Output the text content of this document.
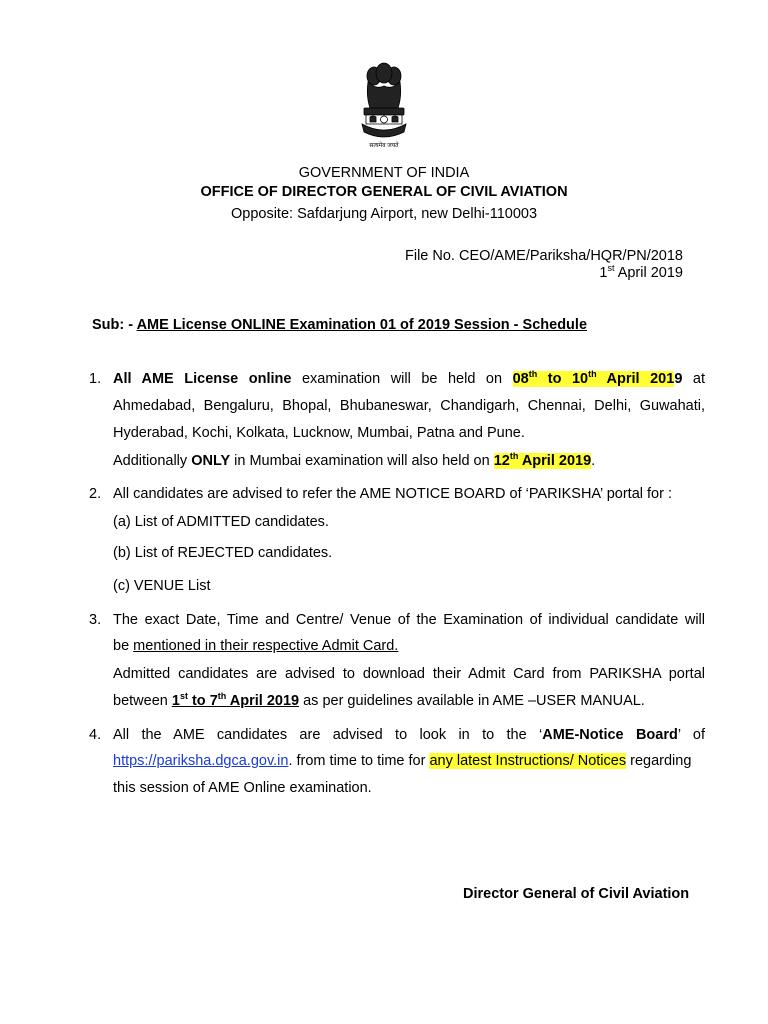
सत्यमेव जयते
GOVERNMENT OF INDIA
OFFICE OF DIRECTOR GENERAL OF CIVIL AVIATION
Opposite: Safdarjung Airport, new Delhi-110003
File No. CEO/AME/Pariksha/HQR/PN/2018
1st April 2019
Sub: - AME License ONLINE Examination 01 of 2019 Session - Schedule
1. All AME License online examination will be held on 08th to 10th April 2019 at
Ahmedabad, Bengaluru, Bhopal, Bhubaneswar, Chandigarh, Chennai, Delhi, Guwahati,
Hyderabad, Kochi, Kolkata, Lucknow, Mumbai, Patna and Pune.
Additionally ONLY in Mumbai examination will also held on 12th April 2019.
2. All candidates are advised to refer the AME NOTICE BOARD of ‘PARIKSHA’ portal for :
(a) List of ADMITTED candidates.
(b) List of REJECTED candidates.
(c) VENUE List
3. The exact Date, Time and Centre/ Venue of the Examination of individual candidate will
be mentioned in their respective Admit Card.
Admitted candidates are advised to download their Admit Card from PARIKSHA portal
between 1st to 7th April 2019 as per guidelines available in AME –USER MANUAL.
4. All the AME candidates are advised to look in to the ‘AME-Notice Board’ of
https://pariksha.dgca.gov.in. from time to time for any latest Instructions/ Notices regarding
this session of AME Online examination.
Director General of Civil Aviation
